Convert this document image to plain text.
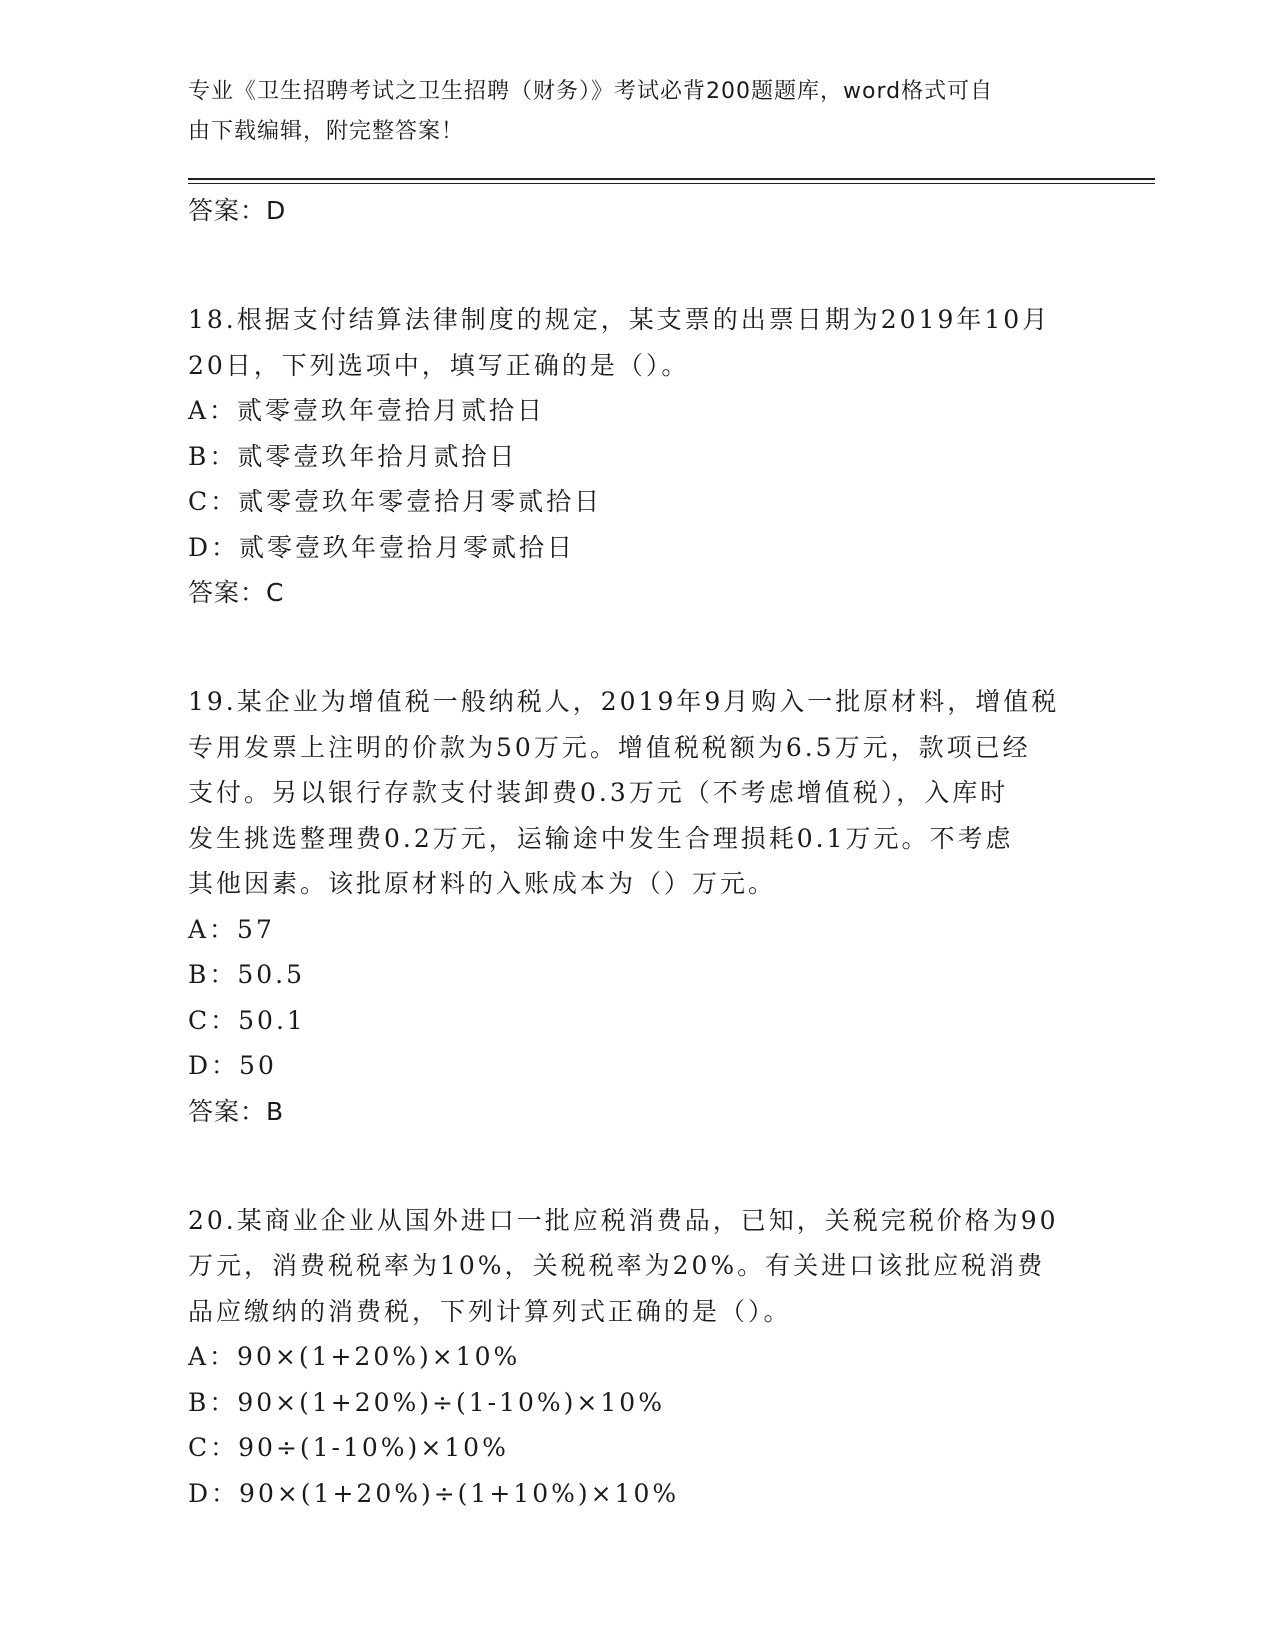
专业《卫生招聘考试之卫生招聘（财务）》考试必背200题题库，word格式可自
由下载编辑，附完整答案！
答案：D
18.根据支付结算法律制度的规定，某支票的出票日期为2019年10月
20日，下列选项中，填写正确的是（）。
A：贰零壹玖年壹拾月贰拾日
B：贰零壹玖年拾月贰拾日
C：贰零壹玖年零壹拾月零贰拾日
D：贰零壹玖年壹拾月零贰拾日
答案：C
19.某企业为增值税一般纳税人，2019年9月购入一批原材料，增值税
专用发票上注明的价款为50万元。增值税税额为6.5万元，款项已经
支付。另以银行存款支付装卸费0.3万元（不考虑增值税），入库时
发生挑选整理费0.2万元，运输途中发生合理损耗0.1万元。不考虑
其他因素。该批原材料的入账成本为（）万元。
A：57
B：50.5
C：50.1
D：50
答案：B
20.某商业企业从国外进口一批应税消费品，已知，关税完税价格为90
万元，消费税税率为10%，关税税率为20%。有关进口该批应税消费
品应缴纳的消费税，下列计算列式正确的是（）。
A：90×(1+20%)×10%
B：90×(1+20%)÷(1-10%)×10%
C：90÷(1-10%)×10%
D：90×(1+20%)÷(1+10%)×10%
